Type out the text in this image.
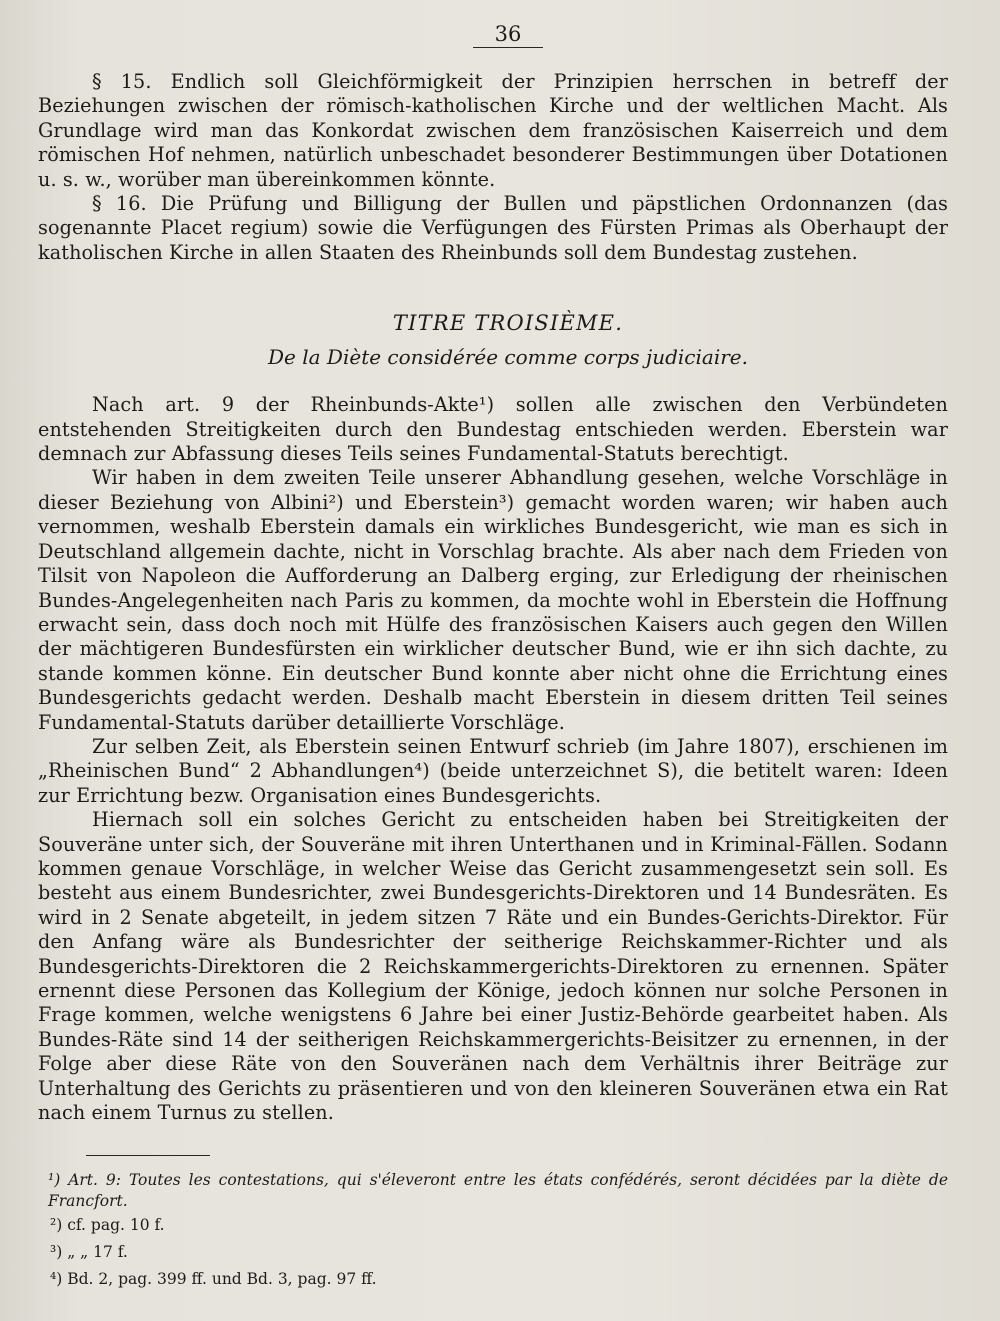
36

§ 15. Endlich soll Gleichförmigkeit der Prinzipien herrschen in betreff der Beziehungen zwischen der römisch-katholischen Kirche und der weltlichen Macht. Als Grundlage wird man das Konkordat zwischen dem französischen Kaiserreich und dem römischen Hof nehmen, natürlich unbeschadet besonderer Bestimmungen über Dotationen u. s. w., worüber man übereinkommen könnte.

§ 16. Die Prüfung und Billigung der Bullen und päpstlichen Ordonnanzen (das sogenannte Placet regium) sowie die Verfügungen des Fürsten Primas als Oberhaupt der katholischen Kirche in allen Staaten des Rheinbunds soll dem Bundestag zustehen.

TITRE TROISIÈME.
De la Diète considérée comme corps judiciaire.

Nach art. 9 der Rheinbunds-Akte¹) sollen alle zwischen den Verbündeten entstehenden Streitigkeiten durch den Bundestag entschieden werden. Eberstein war demnach zur Abfassung dieses Teils seines Fundamental-Statuts berechtigt.

Wir haben in dem zweiten Teile unserer Abhandlung gesehen, welche Vorschläge in dieser Beziehung von Albini²) und Eberstein³) gemacht worden waren; wir haben auch vernommen, weshalb Eberstein damals ein wirkliches Bundesgericht, wie man es sich in Deutschland allgemein dachte, nicht in Vorschlag brachte. Als aber nach dem Frieden von Tilsit von Napoleon die Aufforderung an Dalberg erging, zur Erledigung der rheinischen Bundes-Angelegenheiten nach Paris zu kommen, da mochte wohl in Eberstein die Hoffnung erwacht sein, dass doch noch mit Hülfe des französischen Kaisers auch gegen den Willen der mächtigeren Bundesfürsten ein wirklicher deutscher Bund, wie er ihn sich dachte, zu stande kommen könne. Ein deutscher Bund konnte aber nicht ohne die Errichtung eines Bundesgerichts gedacht werden. Deshalb macht Eberstein in diesem dritten Teil seines Fundamental-Statuts darüber detaillierte Vorschläge.

Zur selben Zeit, als Eberstein seinen Entwurf schrieb (im Jahre 1807), erschienen im „Rheinischen Bund“ 2 Abhandlungen⁴) (beide unterzeichnet S), die betitelt waren: Ideen zur Errichtung bezw. Organisation eines Bundesgerichts.

Hiernach soll ein solches Gericht zu entscheiden haben bei Streitigkeiten der Souveräne unter sich, der Souveräne mit ihren Unterthanen und in Kriminal-Fällen. Sodann kommen genaue Vorschläge, in welcher Weise das Gericht zusammengesetzt sein soll. Es besteht aus einem Bundesrichter, zwei Bundesgerichts-Direktoren und 14 Bundesräten. Es wird in 2 Senate abgeteilt, in jedem sitzen 7 Räte und ein Bundes-Gerichts-Direktor. Für den Anfang wäre als Bundesrichter der seitherige Reichskammer-Richter und als Bundesgerichts-Direktoren die 2 Reichskammergerichts-Direktoren zu ernennen. Später ernennt diese Personen das Kollegium der Könige, jedoch können nur solche Personen in Frage kommen, welche wenigstens 6 Jahre bei einer Justiz-Behörde gearbeitet haben. Als Bundes-Räte sind 14 der seitherigen Reichskammergerichts-Beisitzer zu ernennen, in der Folge aber diese Räte von den Souveränen nach dem Verhältnis ihrer Beiträge zur Unterhaltung des Gerichts zu präsentieren und von den kleineren Souveränen etwa ein Rat nach einem Turnus zu stellen.

¹) Art. 9: Toutes les contestations, qui s'éleveront entre les états confédérés, seront décidées par la diète de Francfort.
²) cf. pag. 10 f.
³) „ „ 17 f.
⁴) Bd. 2, pag. 399 ff. und Bd. 3, pag. 97 ff.
